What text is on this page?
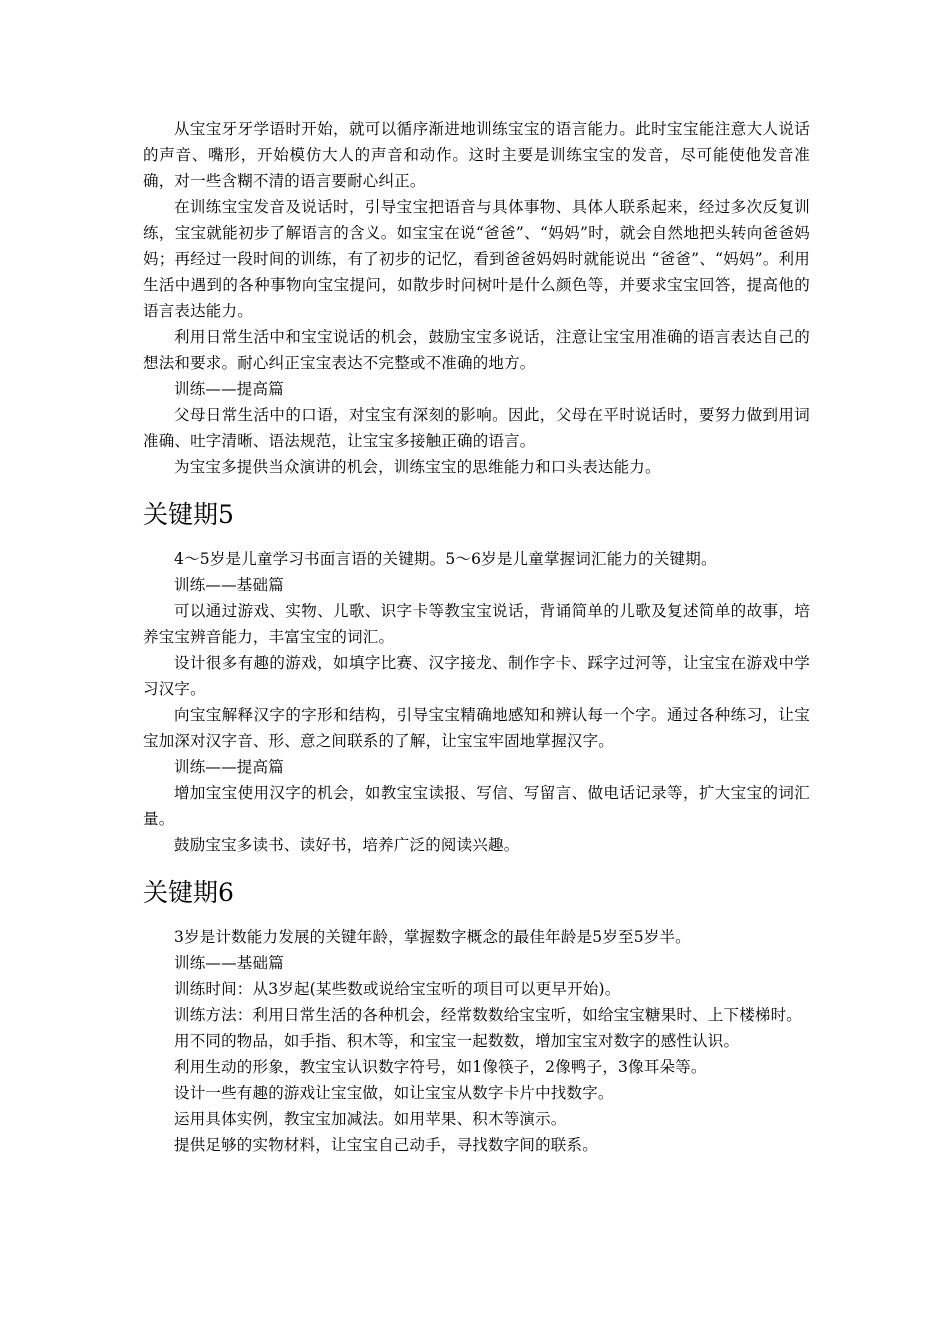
从宝宝牙牙学语时开始，就可以循序渐进地训练宝宝的语言能力。此时宝宝能注意大人说话的声音、嘴形，开始模仿大人的声音和动作。这时主要是训练宝宝的发音，尽可能使他发音准确，对一些含糊不清的语言要耐心纠正。

在训练宝宝发音及说话时，引导宝宝把语音与具体事物、具体人联系起来，经过多次反复训练，宝宝就能初步了解语言的含义。如宝宝在说“爸爸”、“妈妈”时，就会自然地把头转向爸爸妈妈；再经过一段时间的训练，有了初步的记忆，看到爸爸妈妈时就能说出 “爸爸”、“妈妈”。利用生活中遇到的各种事物向宝宝提问，如散步时问树叶是什么颜色等，并要求宝宝回答，提高他的语言表达能力。

利用日常生活中和宝宝说话的机会，鼓励宝宝多说话，注意让宝宝用准确的语言表达自己的想法和要求。耐心纠正宝宝表达不完整或不准确的地方。

训练——提高篇

父母日常生活中的口语，对宝宝有深刻的影响。因此，父母在平时说话时，要努力做到用词准确、吐字清晰、语法规范，让宝宝多接触正确的语言。

为宝宝多提供当众演讲的机会，训练宝宝的思维能力和口头表达能力。

关键期5

4～5岁是儿童学习书面言语的关键期。5～6岁是儿童掌握词汇能力的关键期。

训练——基础篇

可以通过游戏、实物、儿歌、识字卡等教宝宝说话，背诵简单的儿歌及复述简单的故事，培养宝宝辨音能力，丰富宝宝的词汇。

设计很多有趣的游戏，如填字比赛、汉字接龙、制作字卡、踩字过河等，让宝宝在游戏中学习汉字。

向宝宝解释汉字的字形和结构，引导宝宝精确地感知和辨认每一个字。通过各种练习，让宝宝加深对汉字音、形、意之间联系的了解，让宝宝牢固地掌握汉字。

训练——提高篇

增加宝宝使用汉字的机会，如教宝宝读报、写信、写留言、做电话记录等，扩大宝宝的词汇量。

鼓励宝宝多读书、读好书，培养广泛的阅读兴趣。

关键期6

3岁是计数能力发展的关键年龄，掌握数字概念的最佳年龄是5岁至5岁半。

训练——基础篇

训练时间：从3岁起(某些数或说给宝宝听的项目可以更早开始)。

训练方法：利用日常生活的各种机会，经常数数给宝宝听，如给宝宝糖果时、上下楼梯时。

用不同的物品，如手指、积木等，和宝宝一起数数，增加宝宝对数字的感性认识。

利用生动的形象，教宝宝认识数字符号，如1像筷子，2像鸭子，3像耳朵等。

设计一些有趣的游戏让宝宝做，如让宝宝从数字卡片中找数字。

运用具体实例，教宝宝加减法。如用苹果、积木等演示。

提供足够的实物材料，让宝宝自己动手，寻找数字间的联系。
